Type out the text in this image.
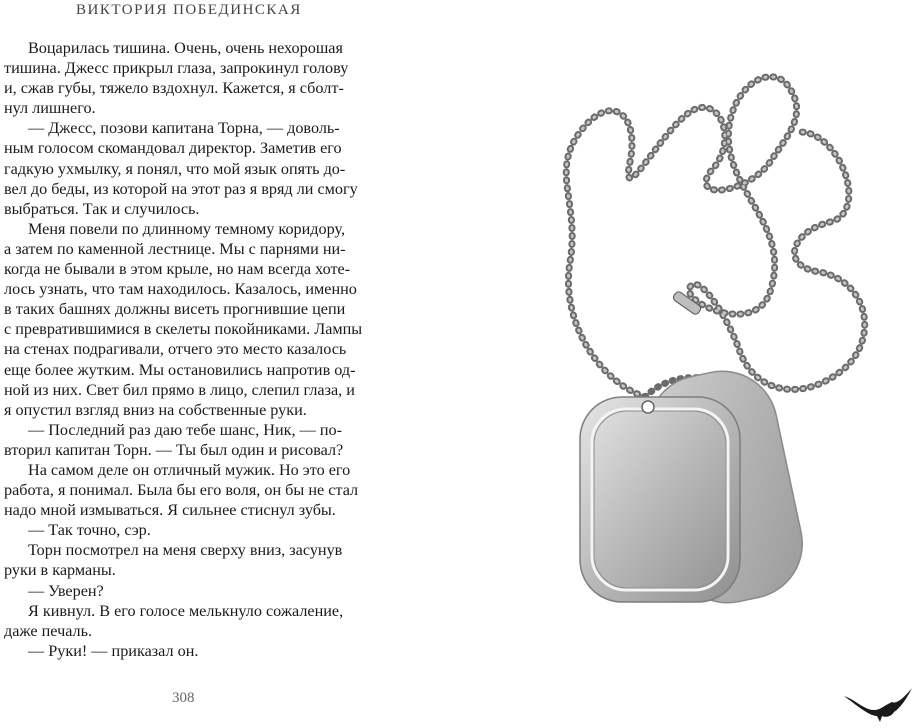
ВИКТОРИЯ ПОБЕДИНСКАЯ

Воцарилась тишина. Очень, очень нехорошая

тишина. Джесс прикрыл глаза, запрокинул голову

и, сжав губы, тяжело вздохнул. Кажется, я сболт-

нул лишнего.

— Джесс, позови капитана Торна, — доволь-

ным голосом скомандовал директор. Заметив его

гадкую ухмылку, я понял, что мой язык опять до-

вел до беды, из которой на этот раз я вряд ли смогу

выбраться. Так и случилось.

Меня повели по длинному темному коридору,

а затем по каменной лестнице. Мы с парнями ни-

когда не бывали в этом крыле, но нам всегда хоте-

лось узнать, что там находилось. Казалось, именно

в таких башнях должны висеть прогнившие цепи

с превратившимися в скелеты покойниками. Лампы

на стенах подрагивали, отчего это место казалось

еще более жутким. Мы остановились напротив од-

ной из них. Свет бил прямо в лицо, слепил глаза, и

я опустил взгляд вниз на собственные руки.

— Последний раз даю тебе шанс, Ник, — по-

вторил капитан Торн. — Ты был один и рисовал?

На самом деле он отличный мужик. Но это его

работа, я понимал. Была бы его воля, он бы не стал

надо мной измываться. Я сильнее стиснул зубы.

— Так точно, сэр.

Торн посмотрел на меня сверху вниз, засунув

руки в карманы.

— Уверен?

Я кивнул. В его голосе мелькнуло сожаление,

даже печаль.

— Руки! — приказал он.

308
